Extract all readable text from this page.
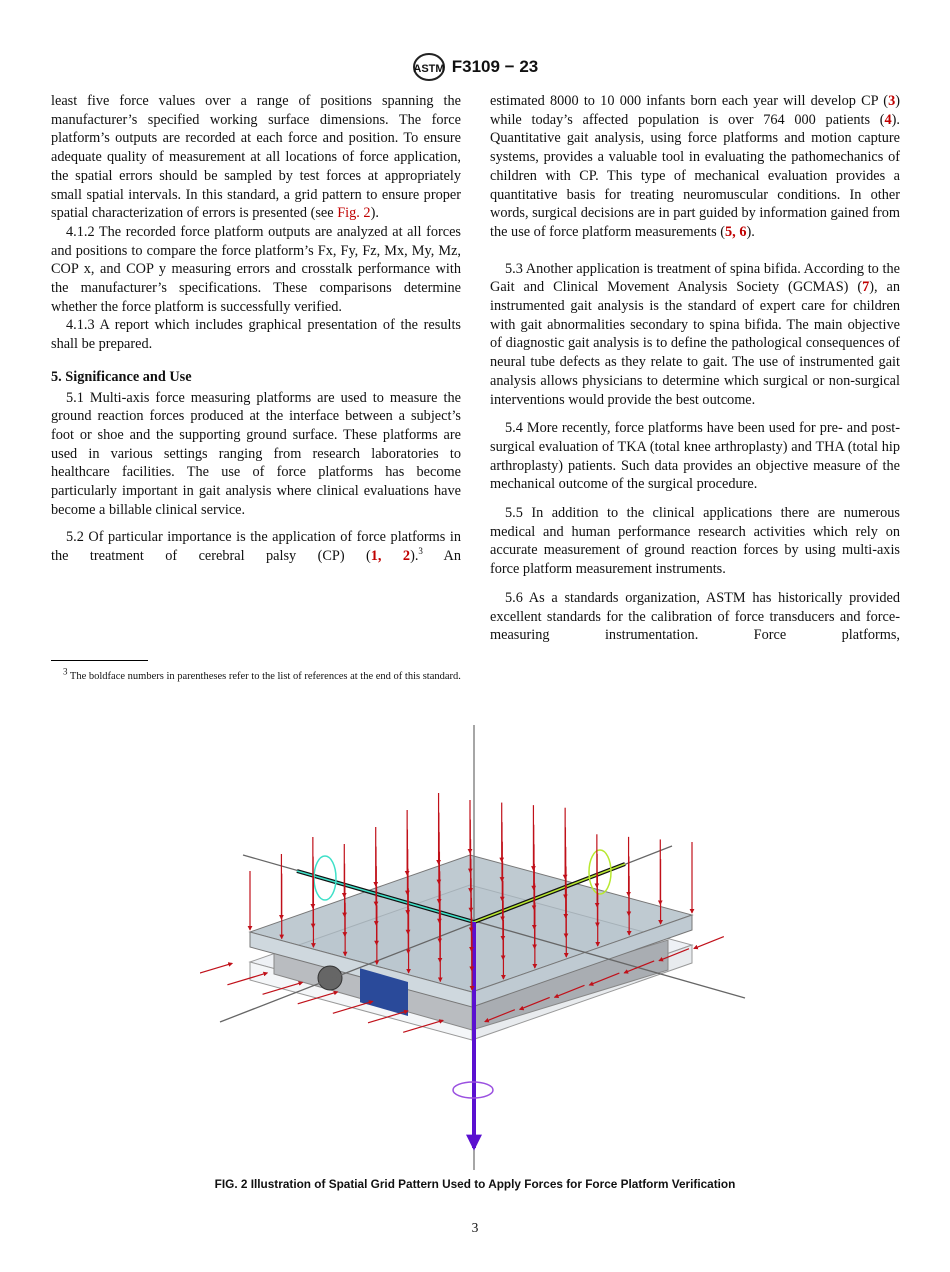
ASTM F3109 − 23

least five force values over a range of positions spanning the manufacturer’s specified working surface dimensions. The force platform’s outputs are recorded at each force and position. To ensure adequate quality of measurement at all locations of force application, the spatial errors should be sampled by test forces at appropriately small spatial intervals. In this standard, a grid pattern to ensure proper spatial characterization of errors is presented (see Fig. 2).

4.1.2 The recorded force platform outputs are analyzed at all forces and positions to compare the force platform’s Fx, Fy, Fz, Mx, My, Mz, COP x, and COP y measuring errors and crosstalk performance with the manufacturer’s specifications. These comparisons determine whether the force platform is successfully verified.

4.1.3 A report which includes graphical presentation of the results shall be prepared.

5. Significance and Use

5.1 Multi-axis force measuring platforms are used to measure the ground reaction forces produced at the interface between a subject’s foot or shoe and the supporting ground surface. These platforms are used in various settings ranging from research laboratories to healthcare facilities. The use of force platforms has become particularly important in gait analysis where clinical evaluations have become a billable clinical service.

5.2 Of particular importance is the application of force platforms in the treatment of cerebral palsy (CP) (1, 2).$^3$ An

$^3$ The boldface numbers in parentheses refer to the list of references at the end of this standard.

estimated 8000 to 10 000 infants born each year will develop CP (3) while today’s affected population is over 764 000 patients (4). Quantitative gait analysis, using force platforms and motion capture systems, provides a valuable tool in evaluating the pathomechanics of children with CP. This type of mechanical evaluation provides a quantitative basis for treating neuromuscular conditions. In other words, surgical decisions are in part guided by information gained from the use of force platform measurements (5, 6).

5.3 Another application is treatment of spina bifida. According to the Gait and Clinical Movement Analysis Society (GCMAS) (7), an instrumented gait analysis is the standard of expert care for children with gait abnormalities secondary to spina bifida. The main objective of diagnostic gait analysis is to define the pathological consequences of neural tube defects as they relate to gait. The use of instrumented gait analysis allows physicians to determine which surgical or non-surgical interventions would provide the best outcome.

5.4 More recently, force platforms have been used for pre- and post-surgical evaluation of TKA (total knee arthroplasty) and THA (total hip arthroplasty) patients. Such data provides an objective measure of the mechanical outcome of the surgical procedure.

5.5 In addition to the clinical applications there are numerous medical and human performance research activities which rely on accurate measurement of ground reaction forces by using multi-axis force platform measurement instruments.

5.6 As a standards organization, ASTM has historically provided excellent standards for the calibration of force transducers and force-measuring instrumentation. Force platforms,

FIG. 2 Illustration of Spatial Grid Pattern Used to Apply Forces for Force Platform Verification
3
